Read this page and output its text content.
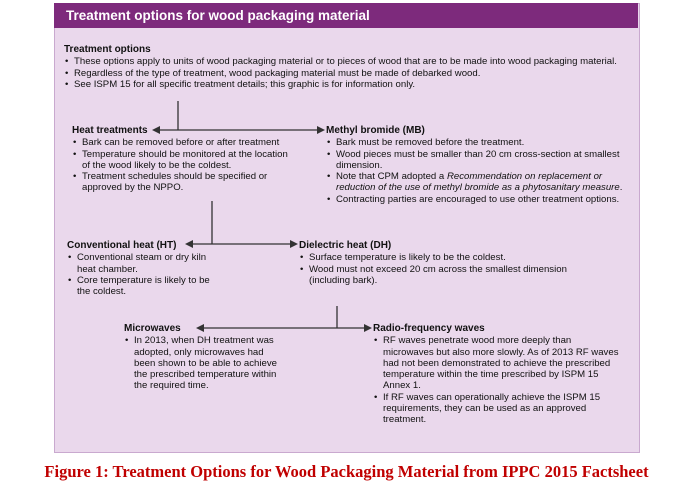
Treatment options for wood packaging material
Treatment options
• These options apply to units of wood packaging material or to pieces of wood that are to be made into wood packaging material.
• Regardless of the type of treatment, wood packaging material must be made of debarked wood.
• See ISPM 15 for all specific treatment details; this graphic is for information only.
Heat treatments
• Bark can be removed before or after treatment
• Temperature should be monitored at the location of the wood likely to be the coldest.
• Treatment schedules should be specified or approved by the NPPO.
Methyl bromide (MB)
• Bark must be removed before the treatment.
• Wood pieces must be smaller than 20 cm cross-section at smallest dimension.
• Note that CPM adopted a Recommendation on replacement or reduction of the use of methyl bromide as a phytosanitary measure.
• Contracting parties are encouraged to use other treatment options.
Conventional heat (HT)
• Conventional steam or dry kiln heat chamber.
• Core temperature is likely to be the coldest.
Dielectric heat (DH)
• Surface temperature is likely to be the coldest.
• Wood must not exceed 20 cm across the smallest dimension (including bark).
Microwaves
• In 2013, when DH treatment was adopted, only microwaves had been shown to be able to achieve the prescribed temperature within the required time.
Radio-frequency waves
• RF waves penetrate wood more deeply than microwaves but also more slowly. As of 2013 RF waves had not been demonstrated to achieve the prescribed temperature within the time prescribed by ISPM 15 Annex 1.
• If RF waves can operationally achieve the ISPM 15 requirements, they can be used as an approved treatment.
Figure 1: Treatment Options for Wood Packaging Material from IPPC 2015 Factsheet
